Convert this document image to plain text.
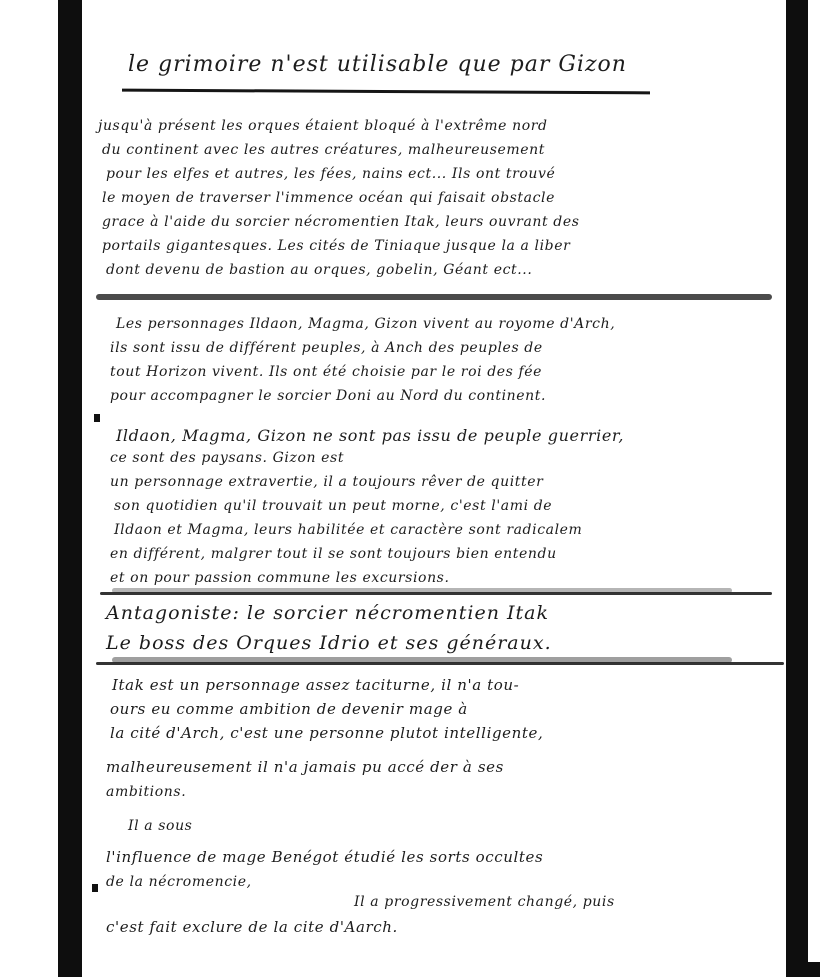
le grimoire n'est utilisable que par Gizon

jusqu'à présent les orques étaient bloqué à l'extrême nord

du continent avec les autres créatures, malheureusement

pour les elfes et autres, les fées, nains ect... Ils ont trouvé

le moyen de traverser l'immence océan qui faisait obstacle

grace à l'aide du sorcier nécromentien Itak, leurs ouvrant des

portails gigantesques. Les cités de Tiniaque jusque la a liber

dont devenu de bastion au orques, gobelin, Géant ect...

Les personnages Ildaon, Magma, Gizon vivent au royome d'Arch,

ils sont issu de différent peuples, à Anch des peuples de

tout Horizon vivent. Ils ont été choisie par le roi des fée

pour accompagner le sorcier Doni au Nord du continent.

Ildaon, Magma, Gizon ne sont pas issu de peuple guerrier,

ce sont des paysans. Gizon est

un personnage extravertie, il a toujours rêver de quitter

son quotidien qu'il trouvait un peut morne, c'est l'ami de

Ildaon et Magma, leurs habilitée et caractère sont radicalem

en différent, malgrer tout il se sont toujours bien entendu

et on pour passion commune les excursions.

Antagoniste: le sorcier nécromentien Itak

Le boss des Orques Idrio et ses généraux.

Itak est un personnage assez taciturne, il n'a tou-

ours eu comme ambition de devenir mage à

la cité d'Arch, c'est une personne plutot intelligente,

malheureusement il n'a jamais pu accé der à ses

ambitions.

Il a sous

l'influence de mage Benégot étudié les sorts occultes

de la nécromencie,

Il a progressivement changé, puis

c'est fait exclure de la cite d'Aarch.
